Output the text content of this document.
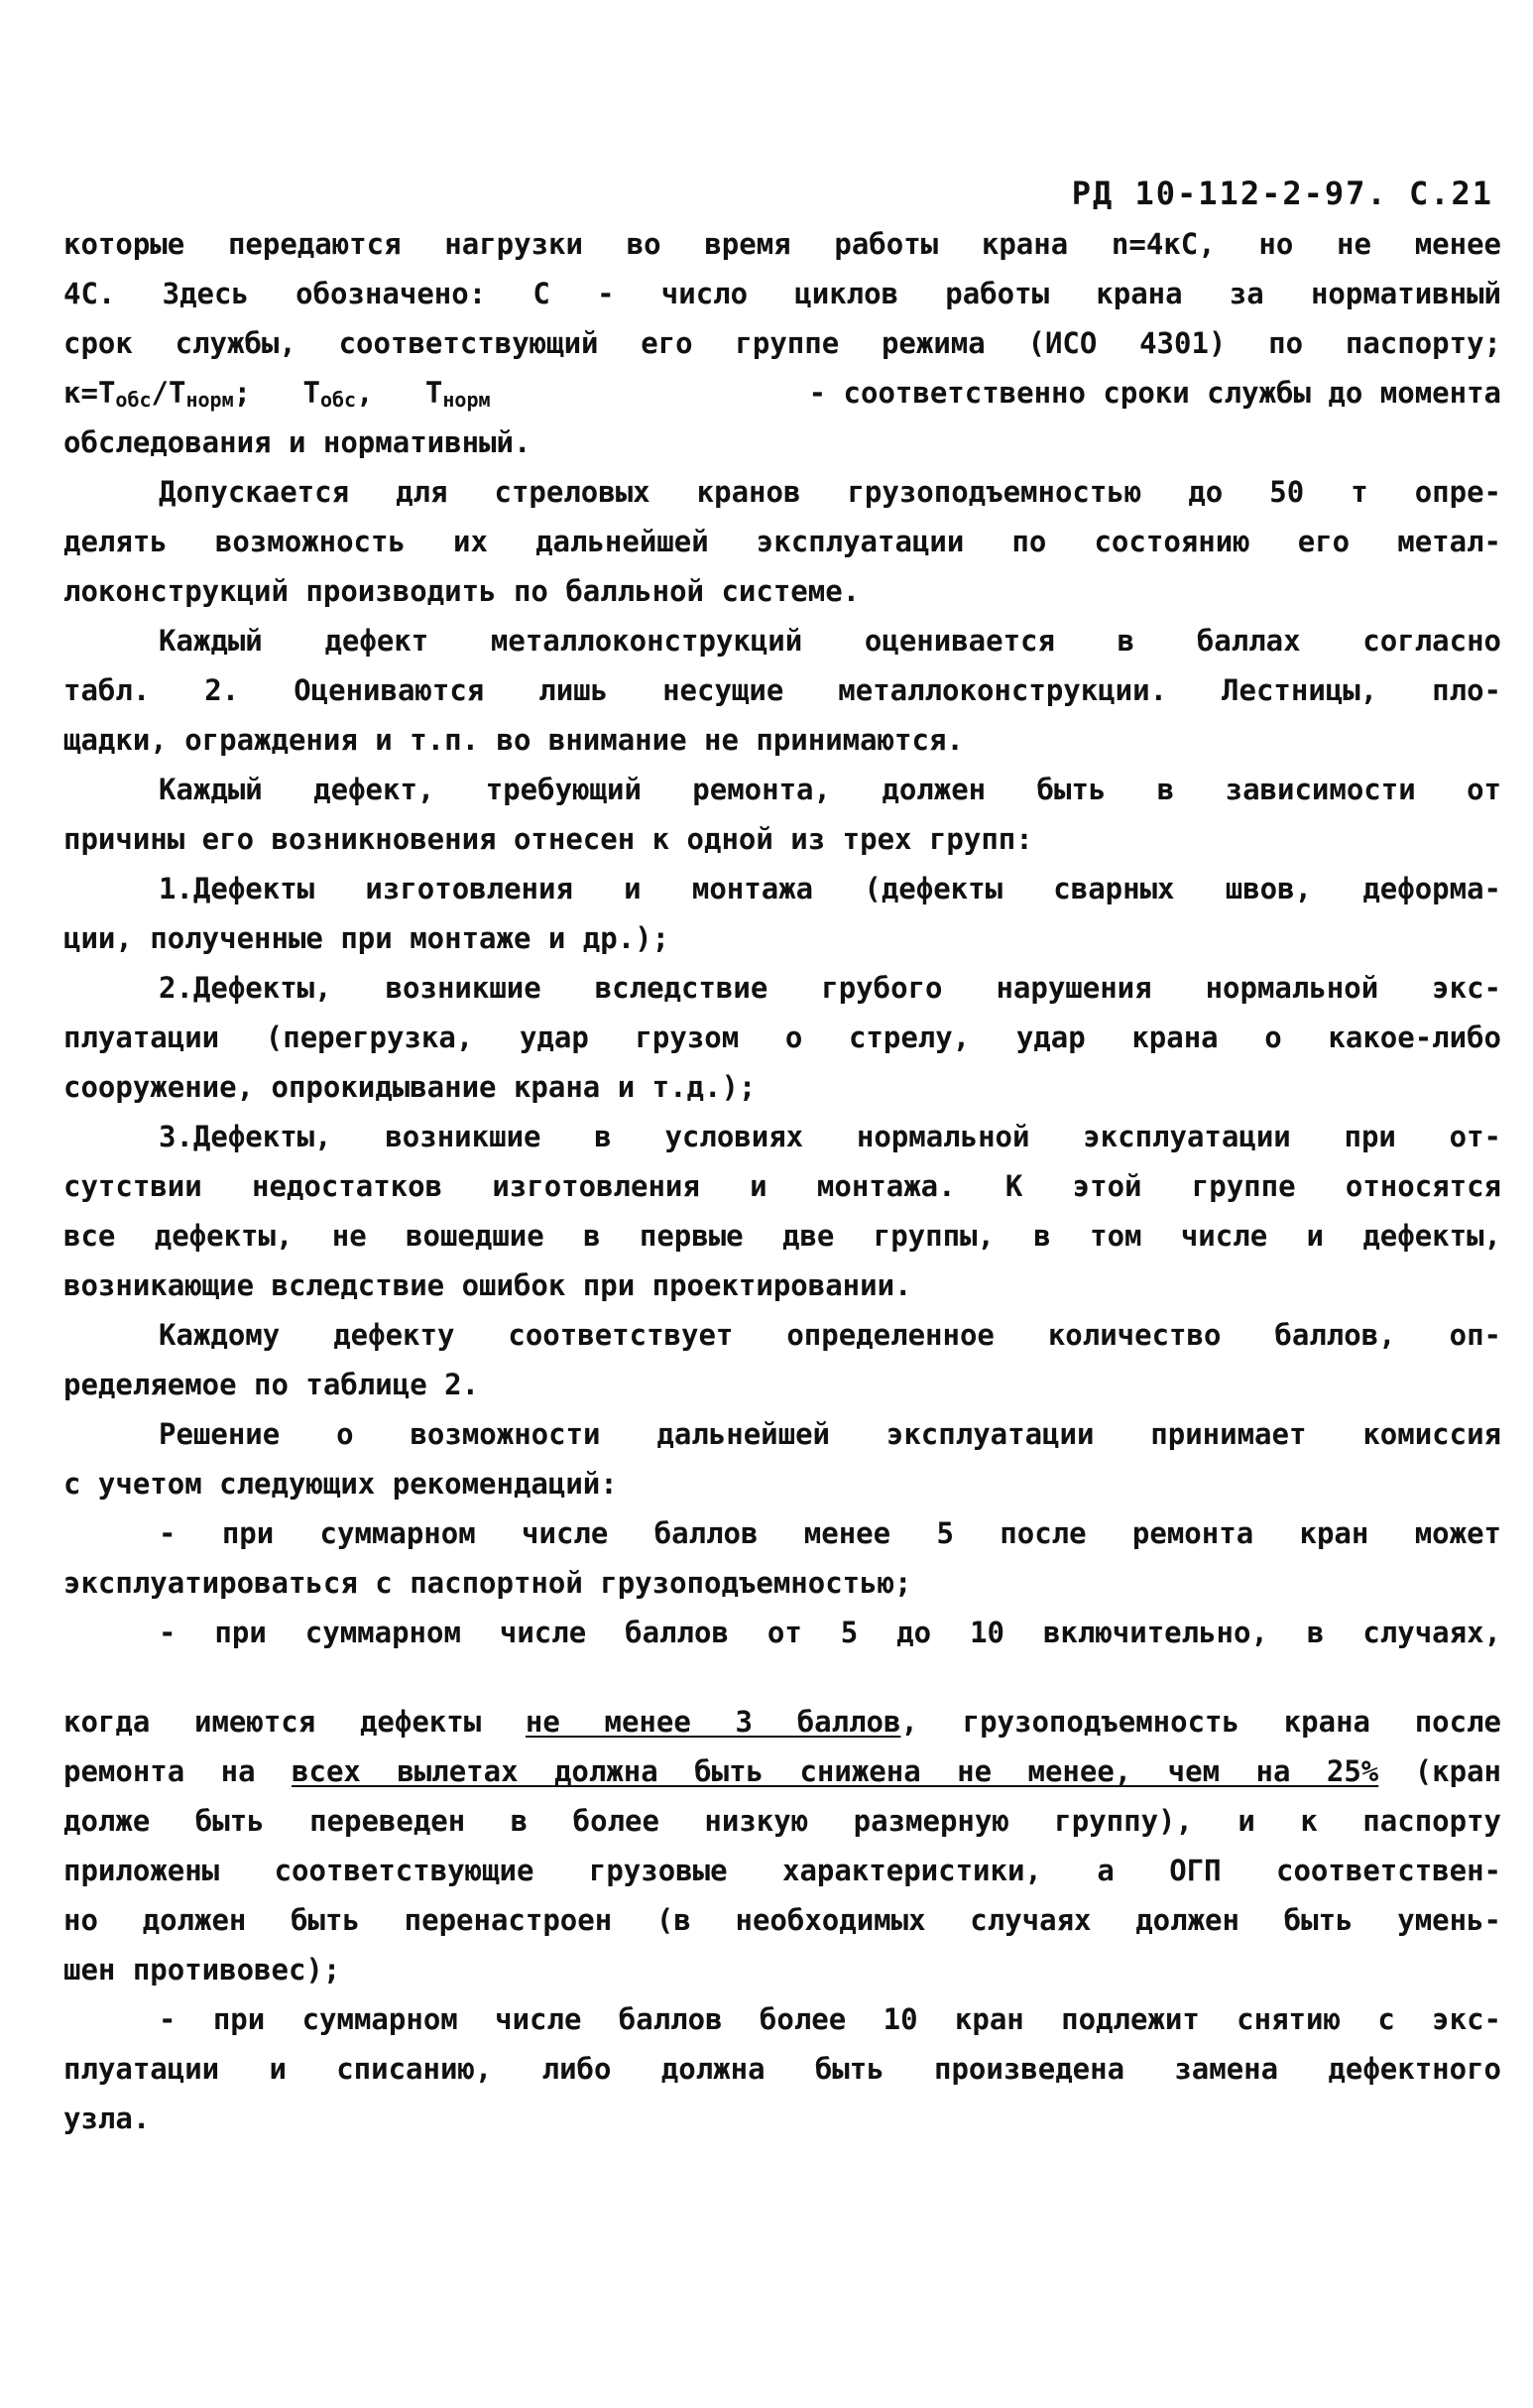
РД 10-112-2-97. С.21
которые передаются нагрузки во время работы крана n=4кС, но не менее
4С. Здесь обозначено: С - число циклов работы крана за нормативный
срок службы, соответствующий его группе режима (ИСО 4301) по паспорту;
$к=Т_{обс}/Т_{норм}$;   $Т_{обс}$,   $Т_{норм}$	- соответственно сроки службы до момента
обследования и нормативный.
Допускается для стреловых кранов грузоподъемностью до 50 т опре-
делять возможность их дальнейшей эксплуатации по состоянию его метал-
локонструкций производить по балльной системе.
Каждый дефект металлоконструкций оценивается в баллах согласно
табл. 2. Оцениваются лишь несущие металлоконструкции. Лестницы, пло-
щадки, ограждения и т.п. во внимание не принимаются.
Каждый дефект, требующий ремонта, должен быть в зависимости от
причины его возникновения отнесен к одной из трех групп:
1.Дефекты изготовления и монтажа (дефекты сварных швов, деформа-
ции, полученные при монтаже и др.);
2.Дефекты, возникшие вследствие грубого нарушения нормальной экс-
плуатации (перегрузка, удар грузом о стрелу, удар крана о какое-либо
сооружение, опрокидывание крана и т.д.);
3.Дефекты, возникшие в условиях нормальной эксплуатации при от-
сутствии недостатков изготовления и монтажа. К этой группе относятся
все дефекты, не вошедшие в первые две группы, в том числе и дефекты,
возникающие вследствие ошибок при проектировании.
Каждому дефекту соответствует определенное количество баллов, оп-
ределяемое по таблице 2.
Решение о возможности дальнейшей эксплуатации принимает комиссия
с учетом следующих рекомендаций:
- при суммарном числе баллов менее 5 после ремонта кран может
эксплуатироваться с паспортной грузоподъемностью;
- при суммарном числе баллов от 5 до 10 включительно, в случаях,
когда имеются дефекты не менее 3 баллов, грузоподъемность крана после
ремонта на всех вылетах должна быть снижена не менее, чем на 25% (кран
долже быть переведен в более низкую размерную группу), и к паспорту
приложены соответствующие грузовые характеристики, а ОГП соответствен-
но должен быть перенастроен (в необходимых случаях должен быть умень-
шен противовес);
- при суммарном числе баллов более 10 кран подлежит снятию с экс-
плуатации и списанию, либо должна быть произведена замена дефектного
узла.
